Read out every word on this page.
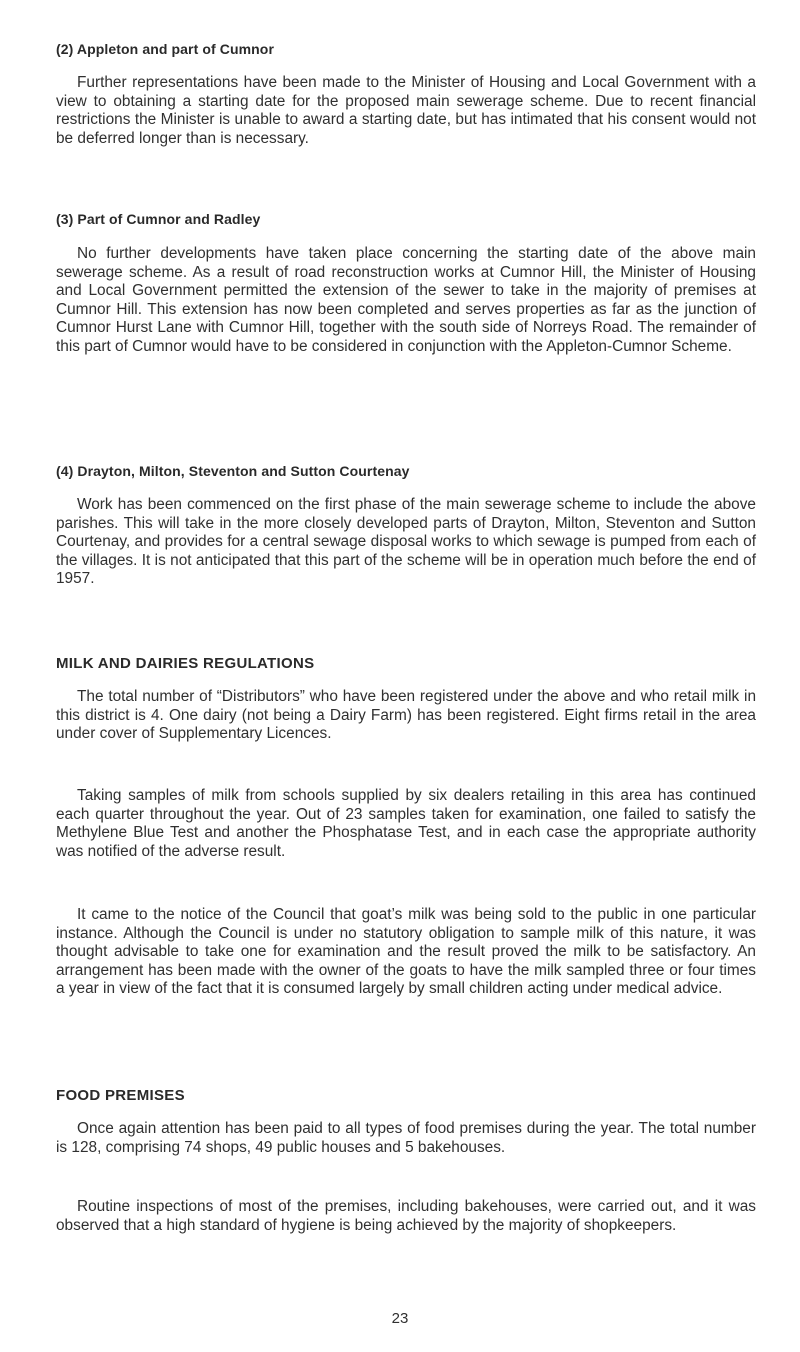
(2) Appleton and part of Cumnor

Further representations have been made to the Minister of Housing and Local Government with a view to obtaining a starting date for the proposed main sewerage scheme. Due to recent financial restrictions the Minister is unable to award a starting date, but has intimated that his consent would not be deferred longer than is necessary.

(3) Part of Cumnor and Radley

No further developments have taken place concerning the starting date of the above main sewerage scheme. As a result of road reconstruction works at Cumnor Hill, the Minister of Housing and Local Government permitted the extension of the sewer to take in the majority of premises at Cumnor Hill. This extension has now been completed and serves properties as far as the junction of Cumnor Hurst Lane with Cumnor Hill, together with the south side of Norreys Road. The remainder of this part of Cumnor would have to be considered in conjunction with the Appleton-Cumnor Scheme.

(4) Drayton, Milton, Steventon and Sutton Courtenay

Work has been commenced on the first phase of the main sewerage scheme to include the above parishes. This will take in the more closely developed parts of Drayton, Milton, Steventon and Sutton Courtenay, and provides for a central sewage disposal works to which sewage is pumped from each of the villages. It is not anticipated that this part of the scheme will be in operation much before the end of 1957.

MILK AND DAIRIES REGULATIONS

The total number of “Distributors” who have been registered under the above and who retail milk in this district is 4. One dairy (not being a Dairy Farm) has been registered. Eight firms retail in the area under cover of Supplementary Licences.

Taking samples of milk from schools supplied by six dealers retailing in this area has continued each quarter throughout the year. Out of 23 samples taken for examination, one failed to satisfy the Methylene Blue Test and another the Phosphatase Test, and in each case the appropriate authority was notified of the adverse result.

It came to the notice of the Council that goat’s milk was being sold to the public in one particular instance. Although the Council is under no statutory obligation to sample milk of this nature, it was thought advisable to take one for examination and the result proved the milk to be satisfactory. An arrangement has been made with the owner of the goats to have the milk sampled three or four times a year in view of the fact that it is consumed largely by small children acting under medical advice.

FOOD PREMISES

Once again attention has been paid to all types of food premises during the year. The total number is 128, comprising 74 shops, 49 public houses and 5 bakehouses.

Routine inspections of most of the premises, including bakehouses, were carried out, and it was observed that a high standard of hygiene is being achieved by the majority of shopkeepers.

23
